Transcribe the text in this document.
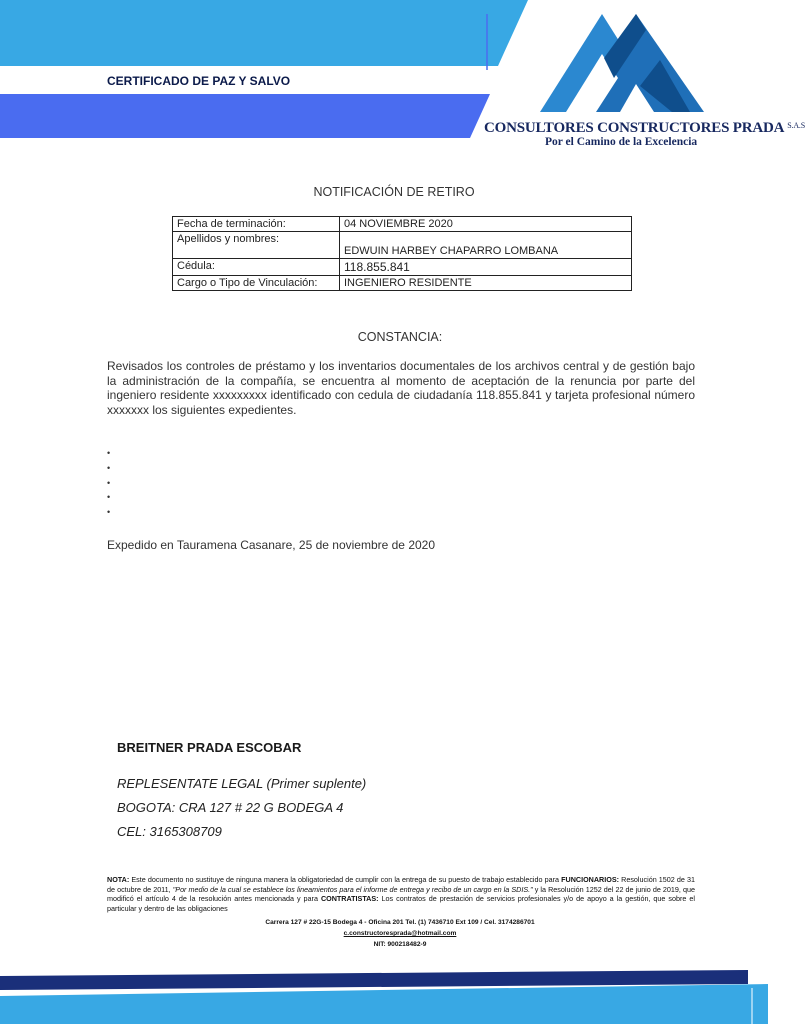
CERTIFICADO DE PAZ Y SALVO
CONSULTORES CONSTRUCTORES PRADA $^{S.A.S}$
Por el Camino de la Excelencia
NOTIFICACIÓN DE RETIRO
Fecha de terminación:	04 NOVIEMBRE 2020
Apellidos y nombres:	EDWUIN HARBEY CHAPARRO LOMBANA
Cédula:	118.855.841
Cargo o Tipo de Vinculación:	INGENIERO RESIDENTE
CONSTANCIA:
Revisados los controles de préstamo y los inventarios documentales de los archivos central y de gestión bajo la administración de la compañía, se encuentra al momento de aceptación de la renuncia por parte del ingeniero residente xxxxxxxxx identificado con cedula de ciudadanía 118.855.841 y tarjeta profesional número xxxxxxx los siguientes expedientes.
•
•
•
•
•
Expedido en Tauramena Casanare, 25 de noviembre de 2020
BREITNER PRADA ESCOBAR
REPLESENTATE LEGAL (Primer suplente)
BOGOTA: CRA 127 # 22 G BODEGA 4
CEL: 3165308709
NOTA: Este documento no sustituye de ninguna manera la obligatoriedad de cumplir con la entrega de su puesto de trabajo establecido para FUNCIONARIOS: Resolución 1502 de 31 de octubre de 2011, "Por medio de la cual se establece los lineamientos para el informe de entrega y recibo de un cargo en la SDIS." y la Resolución 1252 del 22 de junio de 2019, que modificó el artículo 4 de la resolución antes mencionada y para CONTRATISTAS: Los contratos de prestación de servicios profesionales y/o de apoyo a la gestión, que sobre el particular y dentro de las obligaciones
Carrera 127 # 22G-15 Bodega 4 - Oficina 201 Tel. (1) 7436710 Ext 109 / Cel. 3174286701
c.constructoresprada@hotmail.com
NIT: 900218482-9
